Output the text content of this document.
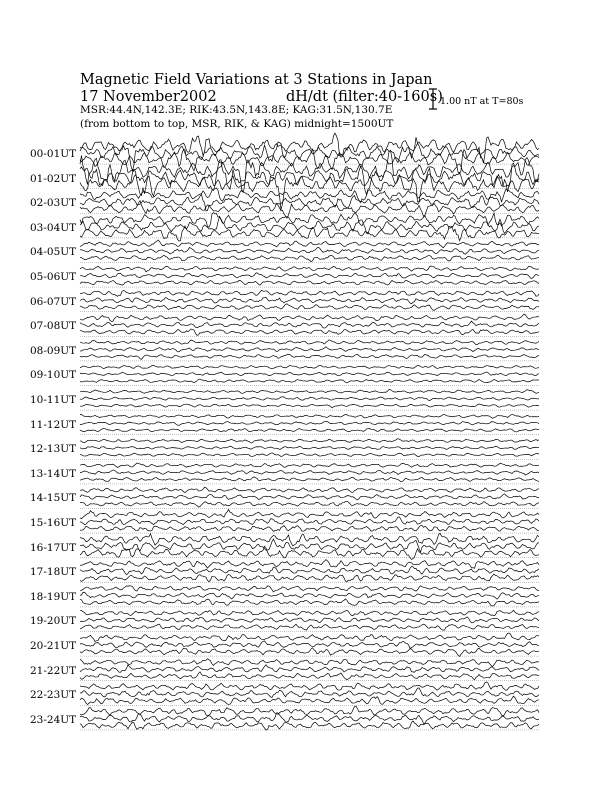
Magnetic Field Variations at 3 Stations in Japan
17 November2002	dH/dt (filter:40-160s)
MSR:44.4N,142.3E; RIK:43.5N,143.8E; KAG:31.5N,130.7E
(from bottom to top, MSR, RIK, & KAG) midnight=1500UT
1.00 nT at T=80s
00-01UT
01-02UT
02-03UT
03-04UT
04-05UT
05-06UT
06-07UT
07-08UT
08-09UT
09-10UT
10-11UT
11-12UT
12-13UT
13-14UT
14-15UT
15-16UT
16-17UT
17-18UT
18-19UT
19-20UT
20-21UT
21-22UT
22-23UT
23-24UT
